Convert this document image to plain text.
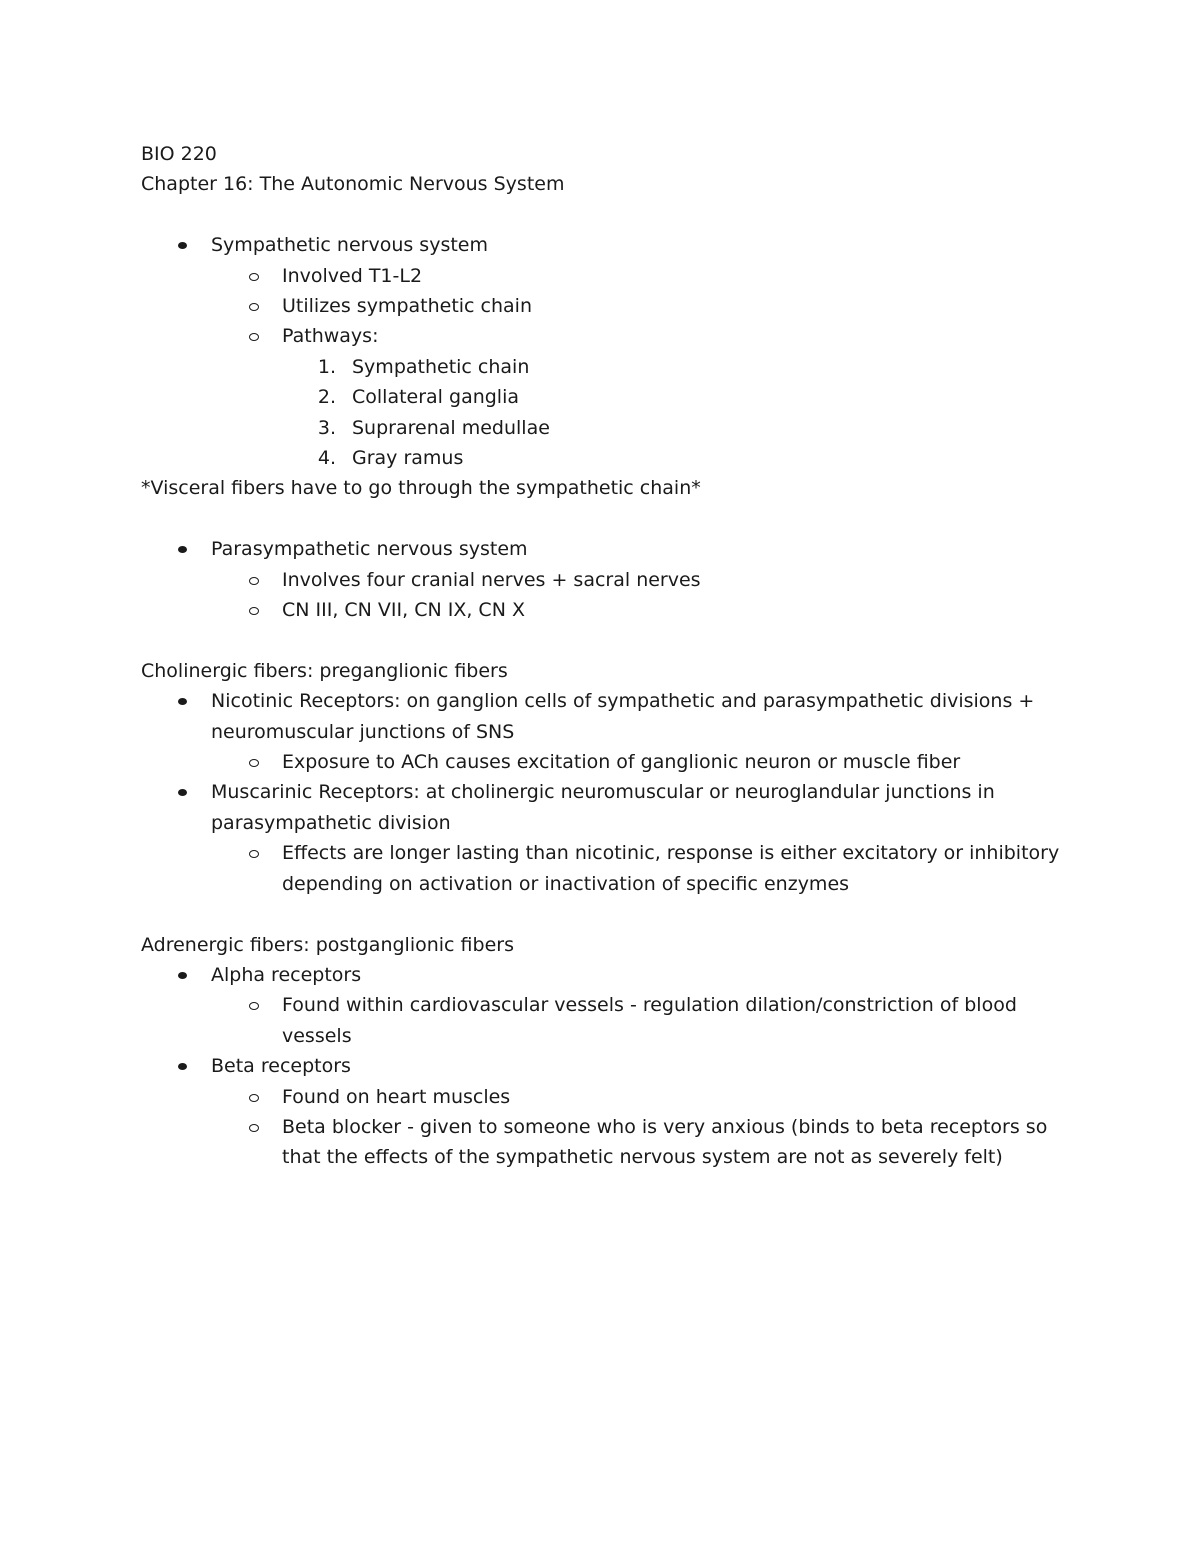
BIO 220

Chapter 16: The Autonomic Nervous System

Sympathetic nervous system

Involved T1-L2

Utilizes sympathetic chain

Pathways:

1. Sympathetic chain

2. Collateral ganglia

3. Suprarenal medullae

4. Gray ramus

*Visceral fibers have to go through the sympathetic chain*

Parasympathetic nervous system

Involves four cranial nerves + sacral nerves

CN III, CN VII, CN IX, CN X

Cholinergic fibers: preganglionic fibers

Nicotinic Receptors: on ganglion cells of sympathetic and parasympathetic divisions + neuromuscular junctions of SNS

Exposure to ACh causes excitation of ganglionic neuron or muscle fiber

Muscarinic Receptors: at cholinergic neuromuscular or neuroglandular junctions in parasympathetic division

Effects are longer lasting than nicotinic, response is either excitatory or inhibitory depending on activation or inactivation of specific enzymes

Adrenergic fibers: postganglionic fibers

Alpha receptors

Found within cardiovascular vessels - regulation dilation/constriction of blood vessels

Beta receptors

Found on heart muscles

Beta blocker - given to someone who is very anxious (binds to beta receptors so that the effects of the sympathetic nervous system are not as severely felt)
